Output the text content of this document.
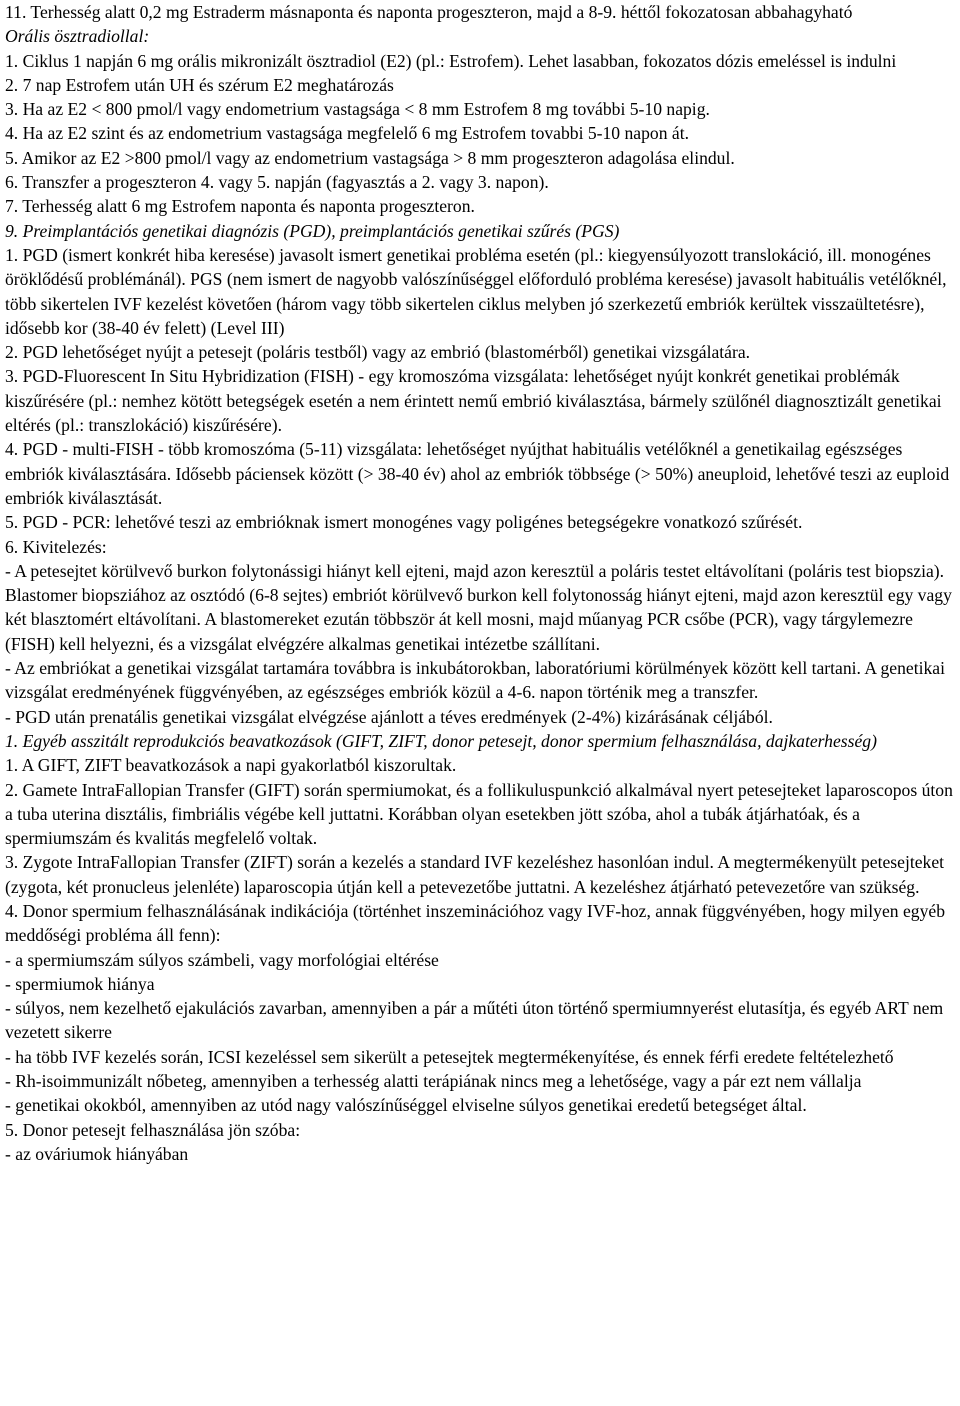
11. Terhesség alatt 0,2 mg Estraderm másnaponta és naponta progeszteron, majd a 8-9. héttől fokozatosan abbahagyható

Orális ösztradiollal:

1. Ciklus 1 napján 6 mg orális mikronizált ösztradiol (E2) (pl.: Estrofem). Lehet lasabban, fokozatos dózis emeléssel is indulni

2. 7 nap Estrofem után UH és szérum E2 meghatározás

3. Ha az E2 < 800 pmol/l vagy endometrium vastagsága < 8 mm Estrofem 8 mg további 5-10 napig.

4. Ha az E2 szint és az endometrium vastagsága megfelelő 6 mg Estrofem tovabbi 5-10 napon át.

5. Amikor az E2 >800 pmol/l vagy az endometrium vastagsága > 8 mm progeszteron adagolása elindul.

6. Transzfer a progeszteron 4. vagy 5. napján (fagyasztás a 2. vagy 3. napon).

7. Terhesség alatt 6 mg Estrofem naponta és naponta progeszteron.

9. Preimplantációs genetikai diagnózis (PGD), preimplantációs genetikai szűrés (PGS)

1. PGD (ismert konkrét hiba keresése) javasolt ismert genetikai probléma esetén (pl.: kiegyensúlyozott translokáció, ill. monogénes öröklődésű problémánál). PGS (nem ismert de nagyobb valószínűséggel előforduló probléma keresése) javasolt habituális vetélőknél, több sikertelen IVF kezelést követően (három vagy több sikertelen ciklus melyben jó szerkezetű embriók kerültek visszaültetésre), idősebb kor (38-40 év felett) (Level III)

2. PGD lehetőséget nyújt a petesejt (poláris testből) vagy az embrió (blastomérből) genetikai vizsgálatára.

3. PGD-Fluorescent In Situ Hybridization (FISH) - egy kromoszóma vizsgálata: lehetőséget nyújt konkrét genetikai problémák kiszűrésére (pl.: nemhez kötött betegségek esetén a nem érintett nemű embrió kiválasztása, bármely szülőnél diagnosztizált genetikai eltérés (pl.: transzlokáció) kiszűrésére).

4. PGD - multi-FISH - több kromoszóma (5-11) vizsgálata: lehetőséget nyújthat habituális vetélőknél a genetikailag egészséges embriók kiválasztására. Idősebb páciensek között (> 38-40 év) ahol az embriók többsége (> 50%) aneuploid, lehetővé teszi az euploid embriók kiválasztását.

5. PGD - PCR: lehetővé teszi az embrióknak ismert monogénes vagy poligénes betegségekre vonatkozó szűrését.

6. Kivitelezés:

- A petesejtet körülvevő burkon folytonássigi hiányt kell ejteni, majd azon keresztül a poláris testet eltávolítani (poláris test biopszia). Blastomer biopsziához az osztódó (6-8 sejtes) embriót körülvevő burkon kell folytonosság hiányt ejteni, majd azon keresztül egy vagy két blasztomért eltávolítani. A blastomereket ezután többször át kell mosni, majd műanyag PCR csőbe (PCR), vagy tárgylemezre (FISH) kell helyezni, és a vizsgálat elvégzére alkalmas genetikai intézetbe szállítani.

- Az embriókat a genetikai vizsgálat tartamára továbbra is inkubátorokban, laboratóriumi körülmények között kell tartani. A genetikai vizsgálat eredményének függvényében, az egészséges embriók közül a 4-6. napon történik meg a transzfer.

- PGD után prenatális genetikai vizsgálat elvégzése ajánlott a téves eredmények (2-4%) kizárásának céljából.

1. Egyéb asszitált reprodukciós beavatkozások (GIFT, ZIFT, donor petesejt, donor spermium felhasználása, dajkaterhesség)

1. A GIFT, ZIFT beavatkozások a napi gyakorlatból kiszorultak.

2. Gamete IntraFallopian Transfer (GIFT) során spermiumokat, és a follikuluspunkció alkalmával nyert petesejteket laparoscopos úton a tuba uterina disztális, fimbriális végébe kell juttatni. Korábban olyan esetekben jött szóba, ahol a tubák átjárhatóak, és a spermiumszám és kvalitás megfelelő voltak.

3. Zygote IntraFallopian Transfer (ZIFT) során a kezelés a standard IVF kezeléshez hasonlóan indul. A megtermékenyült petesejteket (zygota, két pronucleus jelenléte) laparoscopia útján kell a petevezetőbe juttatni. A kezeléshez átjárható petevezetőre van szükség.

4. Donor spermium felhasználásának indikációja (történhet inszeminációhoz vagy IVF-hoz, annak függvényében, hogy milyen egyéb meddőségi probléma áll fenn):

- a spermiumszám súlyos számbeli, vagy morfológiai eltérése

- spermiumok hiánya

- súlyos, nem kezelhető ejakulációs zavarban, amennyiben a pár a műtéti úton történő spermiumnyerést elutasítja, és egyéb ART nem vezetett sikerre

- ha több IVF kezelés során, ICSI kezeléssel sem sikerült a petesejtek megtermékenyítése, és ennek férfi eredete feltételezhető

- Rh-isoimmunizált nőbeteg, amennyiben a terhesség alatti terápiának nincs meg a lehetősége, vagy a pár ezt nem vállalja

- genetikai okokból, amennyiben az utód nagy valószínűséggel elviselne súlyos genetikai eredetű betegséget által.

5. Donor petesejt felhasználása jön szóba:

- az ováriumok hiányában
